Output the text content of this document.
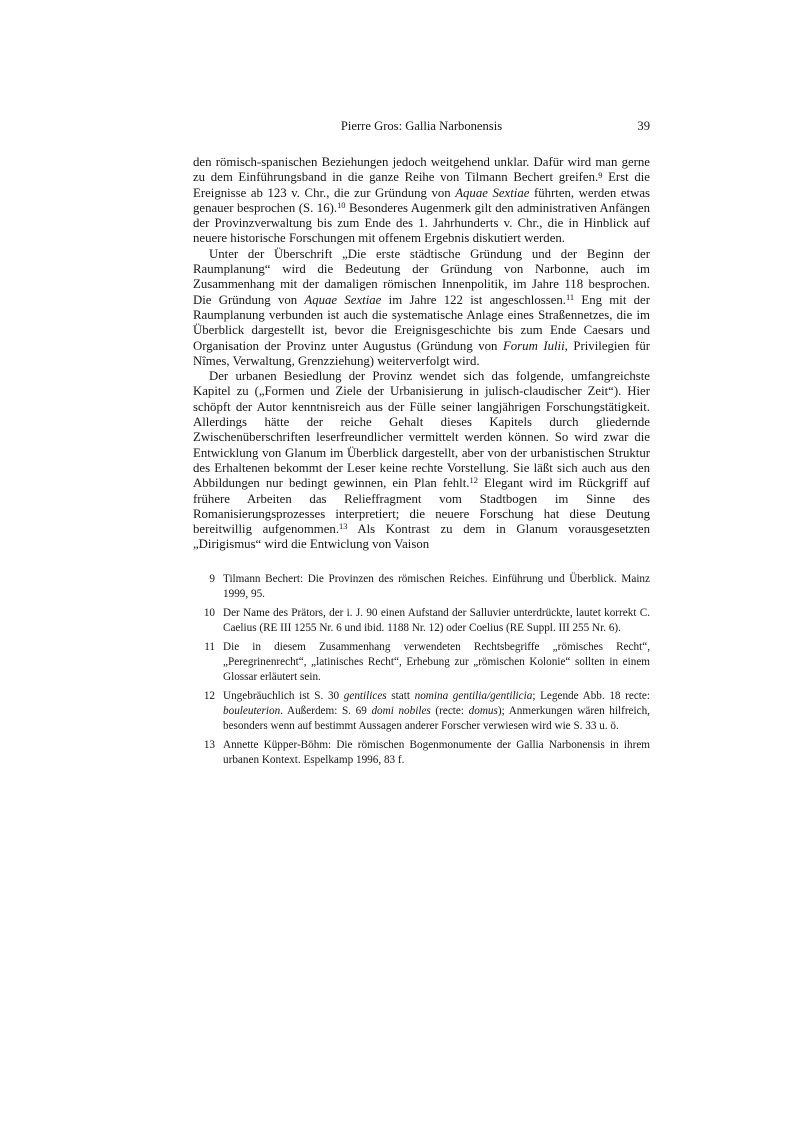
Pierre Gros: Gallia Narbonensis	39

den römisch-spanischen Beziehungen jedoch weitgehend unklar. Dafür wird man gerne zu dem Einführungsband in die ganze Reihe von Tilmann Bechert greifen.$^9$ Erst die Ereignisse ab 123 v. Chr., die zur Gründung von Aquae Sextiae führten, werden etwas genauer besprochen (S. 16).$^{10}$ Besonderes Augenmerk gilt den administrativen Anfängen der Provinzverwaltung bis zum Ende des 1. Jahrhunderts v. Chr., die in Hinblick auf neuere historische Forschungen mit offenem Ergebnis diskutiert werden.

Unter der Überschrift „Die erste städtische Gründung und der Beginn der Raumplanung“ wird die Bedeutung der Gründung von Narbonne, auch im Zusammenhang mit der damaligen römischen Innenpolitik, im Jahre 118 besprochen. Die Gründung von Aquae Sextiae im Jahre 122 ist angeschlossen.$^{11}$ Eng mit der Raumplanung verbunden ist auch die systematische Anlage eines Straßennetzes, die im Überblick dargestellt ist, bevor die Ereignisgeschichte bis zum Ende Caesars und Organisation der Provinz unter Augustus (Gründung von Forum Iulii, Privilegien für Nîmes, Verwaltung, Grenzziehung) weiterverfolgt wird.

Der urbanen Besiedlung der Provinz wendet sich das folgende, umfangreichste Kapitel zu („Formen und Ziele der Urbanisierung in julisch-claudischer Zeit“). Hier schöpft der Autor kenntnisreich aus der Fülle seiner langjährigen Forschungstätigkeit. Allerdings hätte der reiche Gehalt dieses Kapitels durch gliedernde Zwischenüberschriften leserfreundlicher vermittelt werden können. So wird zwar die Entwicklung von Glanum im Überblick dargestellt, aber von der urbanistischen Struktur des Erhaltenen bekommt der Leser keine rechte Vorstellung. Sie läßt sich auch aus den Abbildungen nur bedingt gewinnen, ein Plan fehlt.$^{12}$ Elegant wird im Rückgriff auf frühere Arbeiten das Relieffragment vom Stadtbogen im Sinne des Romanisierungsprozesses interpretiert; die neuere Forschung hat diese Deutung bereitwillig aufgenommen.$^{13}$ Als Kontrast zu dem in Glanum vorausgesetzten „Dirigismus“ wird die Entwiclung von Vaison

9 Tilmann Bechert: Die Provinzen des römischen Reiches. Einführung und Überblick. Mainz 1999, 95.
10 Der Name des Prätors, der i. J. 90 einen Aufstand der Salluvier unterdrückte, lautet korrekt C. Caelius (RE III 1255 Nr. 6 und ibid. 1188 Nr. 12) oder Coelius (RE Suppl. III 255 Nr. 6).
11 Die in diesem Zusammenhang verwendeten Rechtsbegriffe „römisches Recht“, „Peregrinenrecht“, „latinisches Recht“, Erhebung zur „römischen Kolonie“ sollten in einem Glossar erläutert sein.
12 Ungebräuchlich ist S. 30 gentilices statt nomina gentilia/gentilicia; Legende Abb. 18 recte: bouleuterion. Außerdem: S. 69 domi nobiles (recte: domus); Anmerkungen wären hilfreich, besonders wenn auf bestimmt Aussagen anderer Forscher verwiesen wird wie S. 33 u. ö.
13 Annette Küpper-Böhm: Die römischen Bogenmonumente der Gallia Narbonensis in ihrem urbanen Kontext. Espelkamp 1996, 83 f.
